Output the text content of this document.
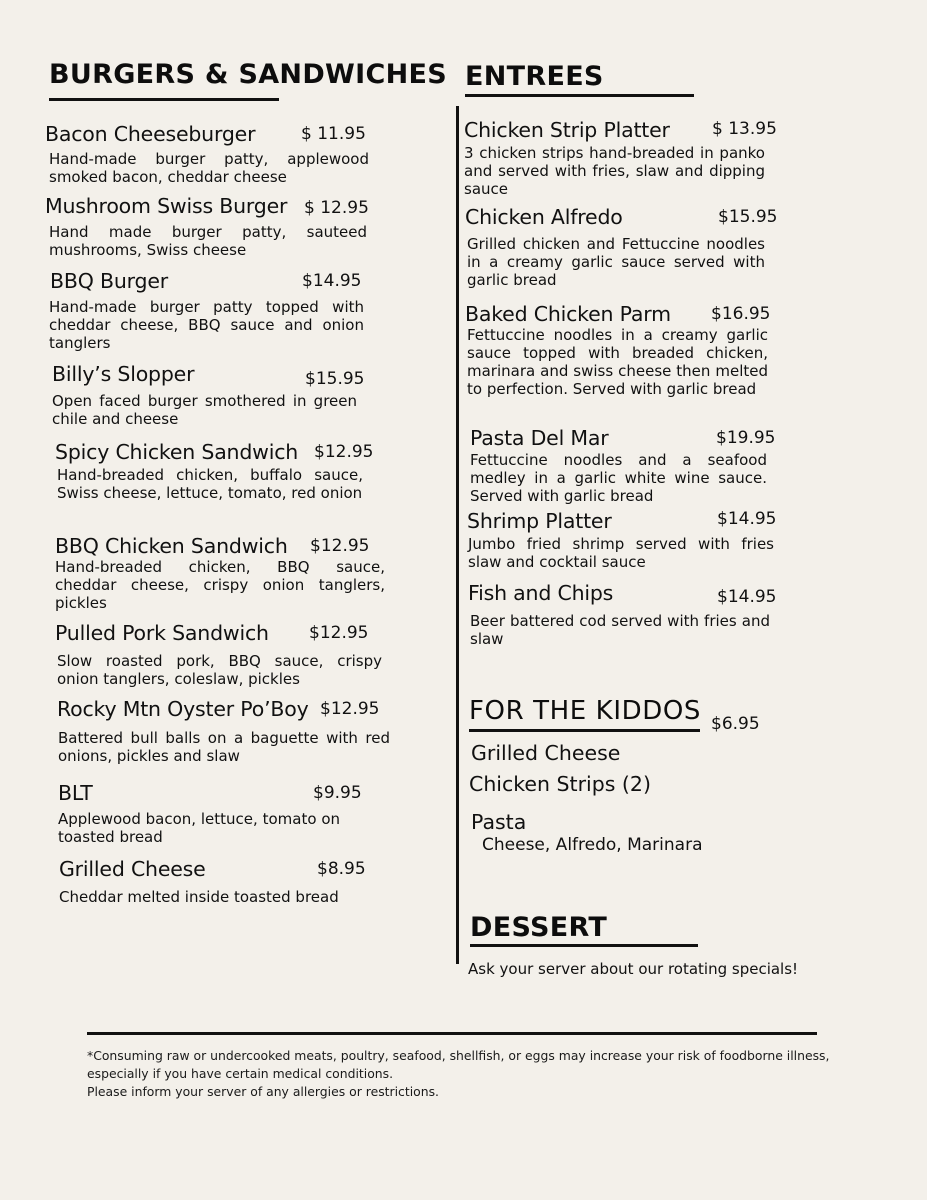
BURGERS & SANDWICHES
Bacon Cheeseburger	$ 11.95
Hand-made burger patty, applewood smoked bacon, cheddar cheese
Mushroom Swiss Burger $ 12.95
Hand made burger patty, sauteed mushrooms, Swiss cheese
BBQ Burger	$14.95
Hand-made burger patty topped with cheddar cheese, BBQ sauce and onion tanglers
Billy’s Slopper	$15.95
Open faced burger smothered in green chile and cheese
Spicy Chicken Sandwich $12.95
Hand-breaded chicken, buffalo sauce, Swiss cheese, lettuce, tomato, red onion
BBQ Chicken Sandwich $12.95
Hand-breaded chicken, BBQ sauce, cheddar cheese, crispy onion tanglers, pickles
Pulled Pork Sandwich $12.95
Slow roasted pork, BBQ sauce, crispy onion tanglers, coleslaw, pickles
Rocky Mtn Oyster Po’Boy $12.95
Battered bull balls on a baguette with red onions, pickles and slaw
BLT	$9.95
Applewood bacon, lettuce, tomato on toasted bread
Grilled Cheese	$8.95
Cheddar melted inside toasted bread
ENTREES
Chicken Strip Platter $ 13.95
3 chicken strips hand-breaded in panko and served with fries, slaw and dipping sauce
Chicken Alfredo	$15.95
Grilled chicken and Fettuccine noodles in a creamy garlic sauce served with garlic bread
Baked Chicken Parm $16.95
Fettuccine noodles in a creamy garlic sauce topped with breaded chicken, marinara and swiss cheese then melted to perfection. Served with garlic bread
Pasta Del Mar	$19.95
Fettuccine noodles and a seafood medley in a garlic white wine sauce. Served with garlic bread
Shrimp Platter	$14.95
Jumbo fried shrimp served with fries slaw and cocktail sauce
Fish and Chips	$14.95
Beer battered cod served with fries and slaw
FOR THE KIDDOS $6.95
Grilled Cheese
Chicken Strips (2)
Pasta
Cheese, Alfredo, Marinara
DESSERT
Ask your server about our rotating specials!
*Consuming raw or undercooked meats, poultry, seafood, shellfish, or eggs may increase your risk of foodborne illness,
especially if you have certain medical conditions.
Please inform your server of any allergies or restrictions.
